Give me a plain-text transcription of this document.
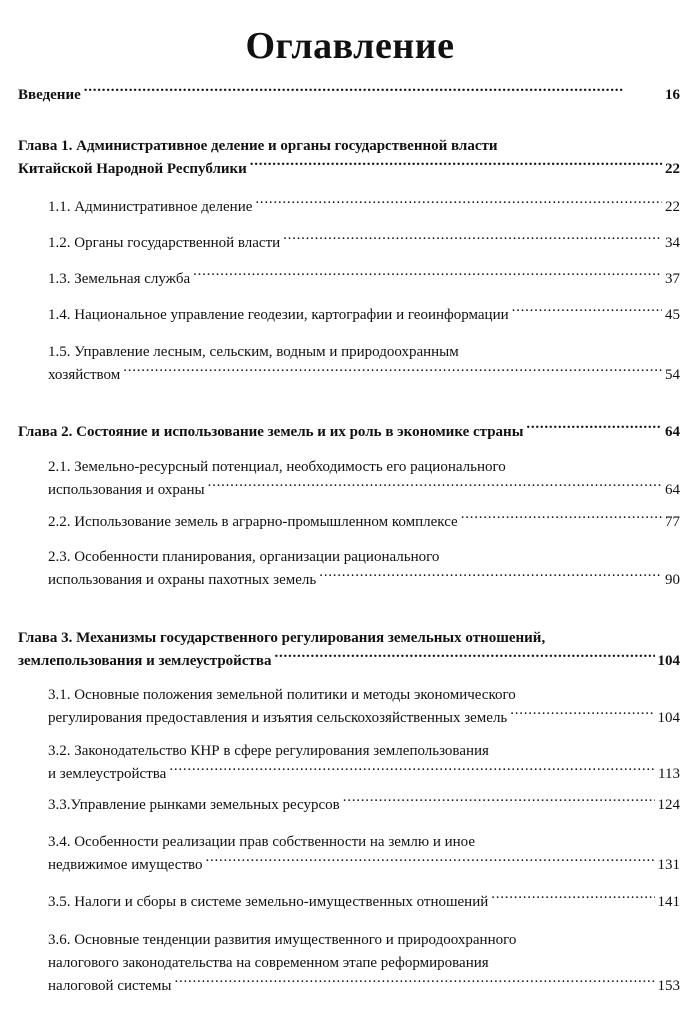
Оглавление
Введение . . .	16
Глава 1. Административное деление и органы государственной власти
Китайской Народной Республики . . .	22
1.1. Административное деление . . .	22
1.2. Органы государственной власти . . .	34
1.3. Земельная служба . . .	37
1.4. Национальное управление геодезии, картографии и геоинформации . . .	45
1.5. Управление лесным, сельским, водным и природоохранным
хозяйством . . .	54
Глава 2. Состояние и использование земель и их роль в экономике страны . . .	64
2.1. Земельно-ресурсный потенциал, необходимость его рационального
использования и охраны . . .	64
2.2. Использование земель в аграрно-промышленном комплексе . . .	77
2.3. Особенности планирования, организации рационального
использования и охраны пахотных земель . . .	90
Глава 3. Механизмы государственного регулирования земельных отношений,
землепользования и землеустройства . . .	104
3.1. Основные положения земельной политики и методы экономического
регулирования предоставления и изъятия сельскохозяйственных земель . . .	104
3.2. Законодательство КНР в сфере регулирования землепользования
и землеустройства . . .	113
3.3.Управление рынками земельных ресурсов . . .	124
3.4. Особенности реализации прав собственности на землю и иное
недвижимое имущество . . .	131
3.5. Налоги и сборы в системе земельно-имущественных отношений . . .	141
3.6. Основные тенденции развития имущественного и природоохранного
налогового законодательства на современном этапе реформирования
налоговой системы . . .	153
